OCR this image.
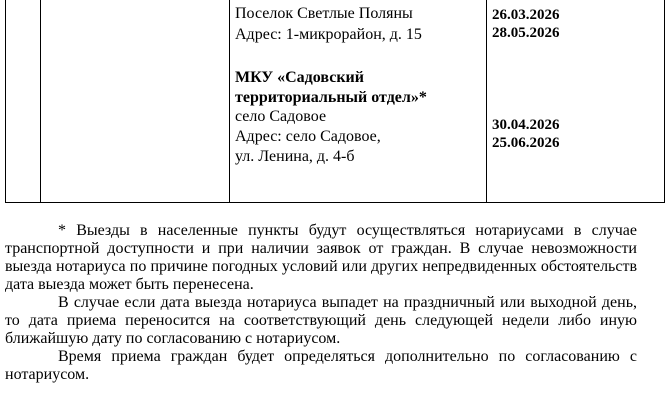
Поселок Светлые Поляны
Адрес: 1-микрорайон, д. 15
26.03.2026
28.05.2026
МКУ «Садовский
территориальный отдел»*
село Садовое
Адрес: село Садовое,
ул. Ленина, д. 4-б
30.04.2026
25.06.2026

* Выезды в населенные пункты будут осуществляться нотариусами в случае транспортной доступности и при наличии заявок от граждан. В случае невозможности выезда нотариуса по причине погодных условий или других непредвиденных обстоятельств дата выезда может быть перенесена.

В случае если дата выезда нотариуса выпадет на праздничный или выходной день, то дата приема переносится на соответствующий день следующей недели либо иную ближайшую дату по согласованию с нотариусом.

Время приема граждан будет определяться дополнительно по согласованию с нотариусом.
